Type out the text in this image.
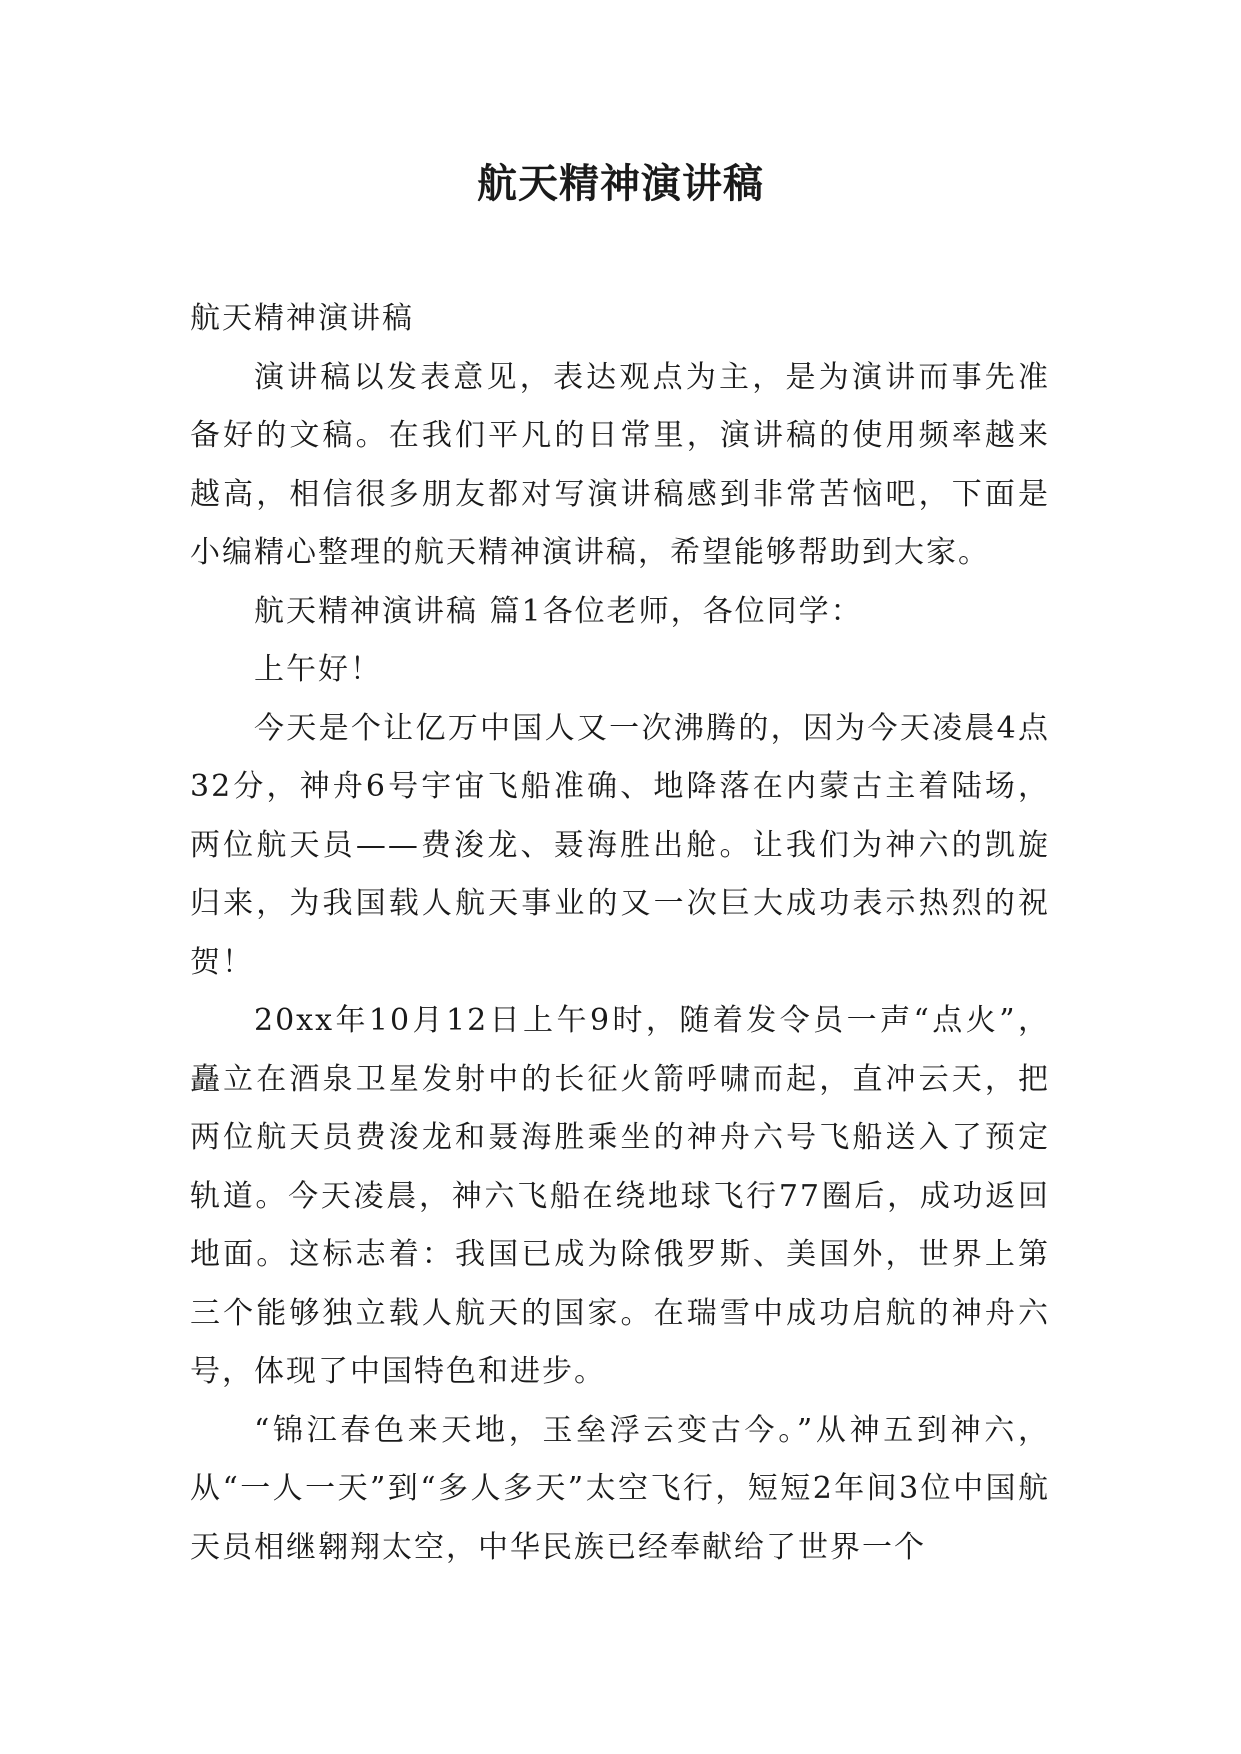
航天精神演讲稿

航天精神演讲稿

演讲稿以发表意见，表达观点为主，是为演讲而事先准备好的文稿。在我们平凡的日常里，演讲稿的使用频率越来越高，相信很多朋友都对写演讲稿感到非常苦恼吧，下面是小编精心整理的航天精神演讲稿，希望能够帮助到大家。

航天精神演讲稿 篇1各位老师，各位同学：

上午好！

今天是个让亿万中国人又一次沸腾的，因为今天凌晨4点32分，神舟6号宇宙飞船准确、地降落在内蒙古主着陆场，两位航天员——费浚龙、聂海胜出舱。让我们为神六的凯旋归来，为我国载人航天事业的又一次巨大成功表示热烈的祝贺！

20xx年10月12日上午9时，随着发令员一声“点火”，矗立在酒泉卫星发射中的长征火箭呼啸而起，直冲云天，把两位航天员费浚龙和聂海胜乘坐的神舟六号飞船送入了预定轨道。今天凌晨，神六飞船在绕地球飞行77圈后，成功返回地面。这标志着：我国已成为除俄罗斯、美国外，世界上第三个能够独立载人航天的国家。在瑞雪中成功启航的神舟六号，体现了中国特色和进步。

“锦江春色来天地，玉垒浮云变古今。”从神五到神六，从“一人一天”到“多人多天”太空飞行，短短2年间3位中国航天员相继翱翔太空，中华民族已经奉献给了世界一个
